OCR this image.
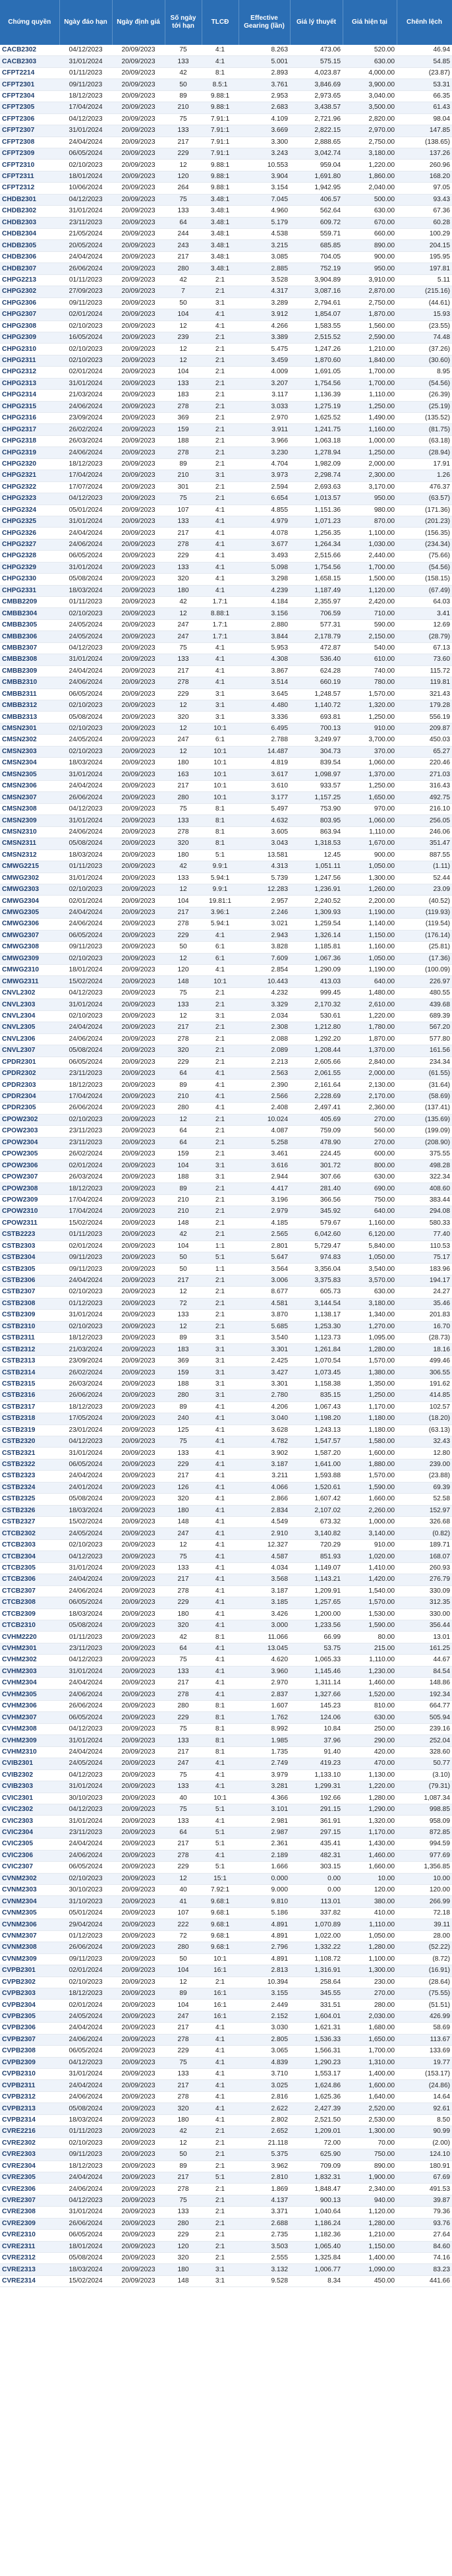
Chứng quyền	Ngày đáo hạn	Ngày định giá	Số ngày tới hạn	TLCĐ	Effective Gearing (lần)	Giá lý thuyết	Giá hiện tại	Chênh lệch
CACB2302	04/12/2023	20/09/2023	75	4:1	8.263	473.06	520.00	46.94
CACB2303	31/01/2024	20/09/2023	133	4:1	5.001	575.15	630.00	54.85
CFPT2214	01/11/2023	20/09/2023	42	8:1	2.893	4,023.87	4,000.00	(23.87)
CFPT2301	09/11/2023	20/09/2023	50	8.5:1	3.761	3,846.69	3,900.00	53.31
CFPT2304	18/12/2023	20/09/2023	89	9.88:1	2.953	2,973.65	3,040.00	66.35
CFPT2305	17/04/2024	20/09/2023	210	9.88:1	2.683	3,438.57	3,500.00	61.43
CFPT2306	04/12/2023	20/09/2023	75	7.91:1	4.109	2,721.96	2,820.00	98.04
CFPT2307	31/01/2024	20/09/2023	133	7.91:1	3.669	2,822.15	2,970.00	147.85
CFPT2308	24/04/2024	20/09/2023	217	7.91:1	3.300	2,888.65	2,750.00	(138.65)
CFPT2309	06/05/2024	20/09/2023	229	7.91:1	3.243	3,042.74	3,180.00	137.26
CFPT2310	02/10/2023	20/09/2023	12	9.88:1	10.553	959.04	1,220.00	260.96
CFPT2311	18/01/2024	20/09/2023	120	9.88:1	3.904	1,691.80	1,860.00	168.20
CFPT2312	10/06/2024	20/09/2023	264	9.88:1	3.154	1,942.95	2,040.00	97.05
CHDB2301	04/12/2023	20/09/2023	75	3.48:1	7.045	406.57	500.00	93.43
CHDB2302	31/01/2024	20/09/2023	133	3.48:1	4.960	562.64	630.00	67.36
CHDB2303	23/11/2023	20/09/2023	64	3.48:1	5.179	609.72	670.00	60.28
CHDB2304	21/05/2024	20/09/2023	244	3.48:1	4.538	559.71	660.00	100.29
CHDB2305	20/05/2024	20/09/2023	243	3.48:1	3.215	685.85	890.00	204.15
CHDB2306	24/04/2024	20/09/2023	217	3.48:1	3.085	704.05	900.00	195.95
CHDB2307	26/06/2024	20/09/2023	280	3.48:1	2.885	752.19	950.00	197.81
CHPG2213	01/11/2023	20/09/2023	42	2:1	3.528	3,904.89	3,910.00	5.11
CHPG2302	27/09/2023	20/09/2023	7	2:1	4.317	3,087.16	2,870.00	(215.16)
CHPG2306	09/11/2023	20/09/2023	50	3:1	3.289	2,794.61	2,750.00	(44.61)
CHPG2307	02/01/2024	20/09/2023	104	4:1	3.912	1,854.07	1,870.00	15.93
CHPG2308	02/10/2023	20/09/2023	12	4:1	4.266	1,583.55	1,560.00	(23.55)
CHPG2309	16/05/2024	20/09/2023	239	2:1	3.389	2,515.52	2,590.00	74.48
CHPG2310	02/10/2023	20/09/2023	12	2:1	5.475	1,247.26	1,210.00	(37.26)
CHPG2311	02/10/2023	20/09/2023	12	2:1	3.459	1,870.60	1,840.00	(30.60)
CHPG2312	02/01/2024	20/09/2023	104	2:1	4.009	1,691.05	1,700.00	8.95
CHPG2313	31/01/2024	20/09/2023	133	2:1	3.207	1,754.56	1,700.00	(54.56)
CHPG2314	21/03/2024	20/09/2023	183	2:1	3.117	1,136.39	1,110.00	(26.39)
CHPG2315	24/06/2024	20/09/2023	278	2:1	3.033	1,275.19	1,250.00	(25.19)
CHPG2316	23/09/2024	20/09/2023	369	2:1	2.970	1,625.52	1,490.00	(135.52)
CHPG2317	26/02/2024	20/09/2023	159	2:1	3.911	1,241.75	1,160.00	(81.75)
CHPG2318	26/03/2024	20/09/2023	188	2:1	3.966	1,063.18	1,000.00	(63.18)
CHPG2319	24/06/2024	20/09/2023	278	2:1	3.230	1,278.94	1,250.00	(28.94)
CHPG2320	18/12/2023	20/09/2023	89	2:1	4.704	1,982.09	2,000.00	17.91
CHPG2321	17/04/2024	20/09/2023	210	3:1	3.973	2,298.74	2,300.00	1.26
CHPG2322	17/07/2024	20/09/2023	301	2:1	2.594	2,693.63	3,170.00	476.37
CHPG2323	04/12/2023	20/09/2023	75	2:1	6.654	1,013.57	950.00	(63.57)
CHPG2324	05/01/2024	20/09/2023	107	4:1	4.855	1,151.36	980.00	(171.36)
CHPG2325	31/01/2024	20/09/2023	133	4:1	4.979	1,071.23	870.00	(201.23)
CHPG2326	24/04/2024	20/09/2023	217	4:1	4.078	1,256.35	1,100.00	(156.35)
CHPG2327	24/06/2024	20/09/2023	278	4:1	3.677	1,264.34	1,030.00	(234.34)
CHPG2328	06/05/2024	20/09/2023	229	4:1	3.493	2,515.66	2,440.00	(75.66)
CHPG2329	31/01/2024	20/09/2023	133	4:1	5.098	1,754.56	1,700.00	(54.56)
CHPG2330	05/08/2024	20/09/2023	320	4:1	3.298	1,658.15	1,500.00	(158.15)
CHPG2331	18/03/2024	20/09/2023	180	4:1	4.239	1,187.49	1,120.00	(67.49)
CMBB2209	01/11/2023	20/09/2023	42	1.7:1	4.184	2,355.97	2,420.00	64.03
CMBB2304	02/10/2023	20/09/2023	12	8.88:1	3.156	706.59	710.00	3.41
CMBB2305	24/05/2024	20/09/2023	247	1.7:1	2.880	577.31	590.00	12.69
CMBB2306	24/05/2024	20/09/2023	247	1.7:1	3.844	2,178.79	2,150.00	(28.79)
CMBB2307	04/12/2023	20/09/2023	75	4:1	5.953	472.87	540.00	67.13
CMBB2308	31/01/2024	20/09/2023	133	4:1	4.308	536.40	610.00	73.60
CMBB2309	24/04/2024	20/09/2023	217	4:1	3.867	624.28	740.00	115.72
CMBB2310	24/06/2024	20/09/2023	278	4:1	3.514	660.19	780.00	119.81
CMBB2311	06/05/2024	20/09/2023	229	3:1	3.645	1,248.57	1,570.00	321.43
CMBB2312	02/10/2023	20/09/2023	12	3:1	4.480	1,140.72	1,320.00	179.28
CMBB2313	05/08/2024	20/09/2023	320	3:1	3.336	693.81	1,250.00	556.19
CMSN2301	02/10/2023	20/09/2023	12	10:1	6.495	700.13	910.00	209.87
CMSN2302	24/05/2024	20/09/2023	247	6:1	2.788	3,249.97	3,700.00	450.03
CMSN2303	02/10/2023	20/09/2023	12	10:1	14.487	304.73	370.00	65.27
CMSN2304	18/03/2024	20/09/2023	180	10:1	4.819	839.54	1,060.00	220.46
CMSN2305	31/01/2024	20/09/2023	163	10:1	3.617	1,098.97	1,370.00	271.03
CMSN2306	24/04/2024	20/09/2023	217	10:1	3.610	933.57	1,250.00	316.43
CMSN2307	26/06/2024	20/09/2023	280	10:1	3.177	1,157.25	1,650.00	492.75
CMSN2308	04/12/2023	20/09/2023	75	8:1	5.497	753.90	970.00	216.10
CMSN2309	31/01/2024	20/09/2023	133	8:1	4.632	803.95	1,060.00	256.05
CMSN2310	24/06/2024	20/09/2023	278	8:1	3.605	863.94	1,110.00	246.06
CMSN2311	05/08/2024	20/09/2023	320	8:1	3.043	1,318.53	1,670.00	351.47
CMSN2312	18/03/2024	20/09/2023	180	5:1	13.581	12.45	900.00	887.55
CMWG2215	01/11/2023	20/09/2023	42	9.9:1	4.313	1,051.11	1,050.00	(1.11)
CMWG2302	31/01/2024	20/09/2023	133	5.94:1	5.739	1,247.56	1,300.00	52.44
CMWG2303	02/10/2023	20/09/2023	12	9.9:1	12.283	1,236.91	1,260.00	23.09
CMWG2304	02/01/2024	20/09/2023	104	19.81:1	2.957	2,240.52	2,200.00	(40.52)
CMWG2305	24/04/2024	20/09/2023	217	3.96:1	2.246	1,309.93	1,190.00	(119.93)
CMWG2306	24/06/2024	20/09/2023	278	5.94:1	3.021	1,259.54	1,140.00	(119.54)
CMWG2307	06/05/2024	20/09/2023	229	4:1	2.943	1,326.14	1,150.00	(176.14)
CMWG2308	09/11/2023	20/09/2023	50	6:1	3.828	1,185.81	1,160.00	(25.81)
CMWG2309	02/10/2023	20/09/2023	12	6:1	7.609	1,067.36	1,050.00	(17.36)
CMWG2310	18/01/2024	20/09/2023	120	4:1	2.854	1,290.09	1,190.00	(100.09)
CMWG2311	15/02/2024	20/09/2023	148	10:1	10.443	413.03	640.00	226.97
CNVL2302	04/12/2023	20/09/2023	75	2:1	4.232	999.45	1,480.00	480.55
CNVL2303	31/01/2024	20/09/2023	133	2:1	3.329	2,170.32	2,610.00	439.68
CNVL2304	02/10/2023	20/09/2023	12	3:1	2.034	530.61	1,220.00	689.39
CNVL2305	24/04/2024	20/09/2023	217	2:1	2.308	1,212.80	1,780.00	567.20
CNVL2306	24/06/2024	20/09/2023	278	2:1	2.088	1,292.20	1,870.00	577.80
CNVL2307	05/08/2024	20/09/2023	320	2:1	2.089	1,208.44	1,370.00	161.56
CPDR2301	06/05/2024	20/09/2023	229	2:1	2.213	2,605.66	2,840.00	234.34
CPDR2302	23/11/2023	20/09/2023	64	4:1	2.563	2,061.55	2,000.00	(61.55)
CPDR2303	18/12/2023	20/09/2023	89	4:1	2.390	2,161.64	2,130.00	(31.64)
CPDR2304	17/04/2024	20/09/2023	210	4:1	2.566	2,228.69	2,170.00	(58.69)
CPDR2305	26/06/2024	20/09/2023	280	4:1	2.408	2,497.41	2,360.00	(137.41)
CPOW2302	02/10/2023	20/09/2023	12	2:1	10.024	405.69	270.00	(135.69)
CPOW2303	23/11/2023	20/09/2023	64	2:1	4.087	759.09	560.00	(199.09)
CPOW2304	23/11/2023	20/09/2023	64	2:1	5.258	478.90	270.00	(208.90)
CPOW2305	26/02/2024	20/09/2023	159	2:1	3.461	224.45	600.00	375.55
CPOW2306	02/01/2024	20/09/2023	104	3:1	3.616	301.72	800.00	498.28
CPOW2307	26/03/2024	20/09/2023	188	3:1	2.944	307.66	630.00	322.34
CPOW2308	18/12/2023	20/09/2023	89	2:1	4.417	281.40	690.00	408.60
CPOW2309	17/04/2024	20/09/2023	210	2:1	3.196	366.56	750.00	383.44
CPOW2310	17/04/2024	20/09/2023	210	2:1	2.979	345.92	640.00	294.08
CPOW2311	15/02/2024	20/09/2023	148	2:1	4.185	579.67	1,160.00	580.33
CSTB2223	01/11/2023	20/09/2023	42	2:1	2.565	6,042.60	6,120.00	77.40
CSTB2303	02/01/2024	20/09/2023	104	1:1	2.801	5,729.47	5,840.00	110.53
CSTB2304	09/11/2023	20/09/2023	50	5:1	5.647	974.83	1,050.00	75.17
CSTB2305	09/11/2023	20/09/2023	50	1:1	3.564	3,356.04	3,540.00	183.96
CSTB2306	24/04/2024	20/09/2023	217	2:1	3.006	3,375.83	3,570.00	194.17
CSTB2307	02/10/2023	20/09/2023	12	2:1	8.677	605.73	630.00	24.27
CSTB2308	01/12/2023	20/09/2023	72	2:1	4.581	3,144.54	3,180.00	35.46
CSTB2309	31/01/2024	20/09/2023	133	2:1	3.870	1,138.17	1,340.00	201.83
CSTB2310	02/10/2023	20/09/2023	12	2:1	5.685	1,253.30	1,270.00	16.70
CSTB2311	18/12/2023	20/09/2023	89	3:1	3.540	1,123.73	1,095.00	(28.73)
CSTB2312	21/03/2024	20/09/2023	183	3:1	3.301	1,261.84	1,280.00	18.16
CSTB2313	23/09/2024	20/09/2023	369	3:1	2.425	1,070.54	1,570.00	499.46
CSTB2314	26/02/2024	20/09/2023	159	3:1	3.427	1,073.45	1,380.00	306.55
CSTB2315	26/03/2024	20/09/2023	188	3:1	3.301	1,158.38	1,350.00	191.62
CSTB2316	26/06/2024	20/09/2023	280	3:1	2.780	835.15	1,250.00	414.85
CSTB2317	18/12/2023	20/09/2023	89	4:1	4.206	1,067.43	1,170.00	102.57
CSTB2318	17/05/2024	20/09/2023	240	4:1	3.040	1,198.20	1,180.00	(18.20)
CSTB2319	23/01/2024	20/09/2023	125	4:1	3.628	1,243.13	1,180.00	(63.13)
CSTB2320	04/12/2023	20/09/2023	75	4:1	4.782	1,547.57	1,580.00	32.43
CSTB2321	31/01/2024	20/09/2023	133	4:1	3.902	1,587.20	1,600.00	12.80
CSTB2322	06/05/2024	20/09/2023	229	4:1	3.187	1,641.00	1,880.00	239.00
CSTB2323	24/04/2024	20/09/2023	217	4:1	3.211	1,593.88	1,570.00	(23.88)
CSTB2324	24/01/2024	20/09/2023	126	4:1	4.066	1,520.61	1,590.00	69.39
CSTB2325	05/08/2024	20/09/2023	320	4:1	2.866	1,607.42	1,660.00	52.58
CSTB2326	18/03/2024	20/09/2023	180	4:1	2.834	2,107.02	2,260.00	152.97
CSTB2327	15/02/2024	20/09/2023	148	4:1	4.549	673.32	1,000.00	326.68
CTCB2302	24/05/2024	20/09/2023	247	4:1	2.910	3,140.82	3,140.00	(0.82)
CTCB2303	02/10/2023	20/09/2023	12	4:1	12.327	720.29	910.00	189.71
CTCB2304	04/12/2023	20/09/2023	75	4:1	4.587	851.93	1,020.00	168.07
CTCB2305	31/01/2024	20/09/2023	133	4:1	4.034	1,149.07	1,410.00	260.93
CTCB2306	24/04/2024	20/09/2023	217	4:1	3.568	1,143.21	1,420.00	276.79
CTCB2307	24/06/2024	20/09/2023	278	4:1	3.187	1,209.91	1,540.00	330.09
CTCB2308	06/05/2024	20/09/2023	229	4:1	3.185	1,257.65	1,570.00	312.35
CTCB2309	18/03/2024	20/09/2023	180	4:1	3.426	1,200.00	1,530.00	330.00
CTCB2310	05/08/2024	20/09/2023	320	4:1	3.000	1,233.56	1,590.00	356.44
CVHM2220	01/11/2023	20/09/2023	42	8:1	11.066	66.99	80.00	13.01
CVHM2301	23/11/2023	20/09/2023	64	4:1	13.045	53.75	215.00	161.25
CVHM2302	04/12/2023	20/09/2023	75	4:1	4.620	1,065.33	1,110.00	44.67
CVHM2303	31/01/2024	20/09/2023	133	4:1	3.960	1,145.46	1,230.00	84.54
CVHM2304	24/04/2024	20/09/2023	217	4:1	2.970	1,311.14	1,460.00	148.86
CVHM2305	24/06/2024	20/09/2023	278	4:1	2.837	1,327.66	1,520.00	192.34
CVHM2306	26/06/2024	20/09/2023	280	8:1	1.607	145.23	810.00	664.77
CVHM2307	06/05/2024	20/09/2023	229	8:1	1.762	124.06	630.00	505.94
CVHM2308	04/12/2023	20/09/2023	75	8:1	8.992	10.84	250.00	239.16
CVHM2309	31/01/2024	20/09/2023	133	8:1	1.985	37.96	290.00	252.04
CVHM2310	24/04/2024	20/09/2023	217	8:1	1.735	91.40	420.00	328.60
CVIB2301	24/05/2024	20/09/2023	247	4:1	2.749	419.23	470.00	50.77
CVIB2302	04/12/2023	20/09/2023	75	4:1	3.979	1,133.10	1,130.00	(3.10)
CVIB2303	31/01/2024	20/09/2023	133	4:1	3.281	1,299.31	1,220.00	(79.31)
CVIC2301	30/10/2023	20/09/2023	40	10:1	4.366	192.66	1,280.00	1,087.34
CVIC2302	04/12/2023	20/09/2023	75	5:1	3.101	291.15	1,290.00	998.85
CVIC2303	31/01/2024	20/09/2023	133	4:1	2.981	361.91	1,320.00	958.09
CVIC2304	23/11/2023	20/09/2023	64	5:1	2.987	297.15	1,170.00	872.85
CVIC2305	24/04/2024	20/09/2023	217	5:1	2.361	435.41	1,430.00	994.59
CVIC2306	24/06/2024	20/09/2023	278	4:1	2.189	482.31	1,460.00	977.69
CVIC2307	06/05/2024	20/09/2023	229	5:1	1.666	303.15	1,660.00	1,356.85
CVNM2302	02/10/2023	20/09/2023	12	15:1	0.000	0.00	10.00	10.00
CVNM2303	30/10/2023	20/09/2023	40	7.92:1	9.000	0.00	120.00	120.00
CVNM2304	31/10/2023	20/09/2023	41	9.68:1	9.810	113.01	380.00	266.99
CVNM2305	05/01/2024	20/09/2023	107	9.68:1	5.186	337.82	410.00	72.18
CVNM2306	29/04/2024	20/09/2023	222	9.68:1	4.891	1,070.89	1,110.00	39.11
CVNM2307	01/12/2023	20/09/2023	72	9.68:1	4.891	1,022.00	1,050.00	28.00
CVNM2308	26/06/2024	20/09/2023	280	9.68:1	2.796	1,332.22	1,280.00	(52.22)
CVNM2309	09/11/2023	20/09/2023	50	10:1	4.891	1,108.72	1,100.00	(8.72)
CVPB2301	02/01/2024	20/09/2023	104	16:1	2.813	1,316.91	1,300.00	(16.91)
CVPB2302	02/10/2023	20/09/2023	12	2:1	10.394	258.64	230.00	(28.64)
CVPB2303	18/12/2023	20/09/2023	89	16:1	3.155	345.55	270.00	(75.55)
CVPB2304	02/01/2024	20/09/2023	104	16:1	2.449	331.51	280.00	(51.51)
CVPB2305	24/05/2024	20/09/2023	247	16:1	2.152	1,604.01	2,030.00	426.99
CVPB2306	24/04/2024	20/09/2023	217	4:1	3.030	1,621.31	1,680.00	58.69
CVPB2307	24/06/2024	20/09/2023	278	4:1	2.805	1,536.33	1,650.00	113.67
CVPB2308	06/05/2024	20/09/2023	229	4:1	3.065	1,566.31	1,700.00	133.69
CVPB2309	04/12/2023	20/09/2023	75	4:1	4.839	1,290.23	1,310.00	19.77
CVPB2310	31/01/2024	20/09/2023	133	4:1	3.710	1,553.17	1,400.00	(153.17)
CVPB2311	24/04/2024	20/09/2023	217	4:1	3.025	1,624.86	1,600.00	(24.86)
CVPB2312	24/06/2024	20/09/2023	278	4:1	2.816	1,625.36	1,640.00	14.64
CVPB2313	05/08/2024	20/09/2023	320	4:1	2.622	2,427.39	2,520.00	92.61
CVPB2314	18/03/2024	20/09/2023	180	4:1	2.802	2,521.50	2,530.00	8.50
CVRE2216	01/11/2023	20/09/2023	42	2:1	2.652	1,209.01	1,300.00	90.99
CVRE2302	02/10/2023	20/09/2023	12	2:1	21.118	72.00	70.00	(2.00)
CVRE2303	09/11/2023	20/09/2023	50	2:1	5.375	625.90	750.00	124.10
CVRE2304	18/12/2023	20/09/2023	89	2:1	3.962	709.09	890.00	180.91
CVRE2305	24/04/2024	20/09/2023	217	5:1	2.810	1,832.31	1,900.00	67.69
CVRE2306	24/06/2024	20/09/2023	278	2:1	1.869	1,848.47	2,340.00	491.53
CVRE2307	04/12/2023	20/09/2023	75	2:1	4.137	900.13	940.00	39.87
CVRE2308	31/01/2024	20/09/2023	133	2:1	3.371	1,040.64	1,120.00	79.36
CVRE2309	26/06/2024	20/09/2023	280	2:1	2.688	1,186.24	1,280.00	93.76
CVRE2310	06/05/2024	20/09/2023	229	2:1	2.735	1,182.36	1,210.00	27.64
CVRE2311	18/01/2024	20/09/2023	120	2:1	3.503	1,065.40	1,150.00	84.60
CVRE2312	05/08/2024	20/09/2023	320	2:1	2.555	1,325.84	1,400.00	74.16
CVRE2313	18/03/2024	20/09/2023	180	3:1	3.132	1,006.77	1,090.00	83.23
CVRE2314	15/02/2024	20/09/2023	148	3:1	9.528	8.34	450.00	441.66
